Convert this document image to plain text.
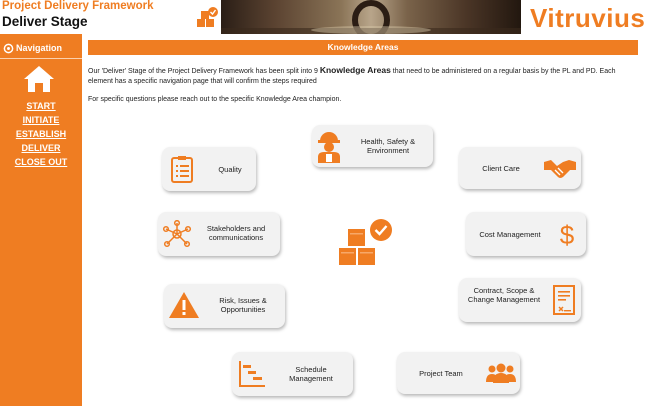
Project Delivery Framework
Deliver Stage	Vitruvius
Navigation
START
INITIATE
ESTABLISH
DELIVER
CLOSE OUT
Knowledge Areas

Our 'Deliver' Stage of the Project Delivery Framework has been split into 9 Knowledge Areas that need to be administered on a regular basis by the PL and PD. Each element has a specific navigation page that will confirm the steps required

For specific questions please reach out to the specific Knowledge Area champion.

Quality
Health, Safety & Environment
Client Care
Stakeholders and communications	Cost Management $
Risk, Issues & Opportunities
Contract, Scope & Change Management
Schedule Management
Project Team
